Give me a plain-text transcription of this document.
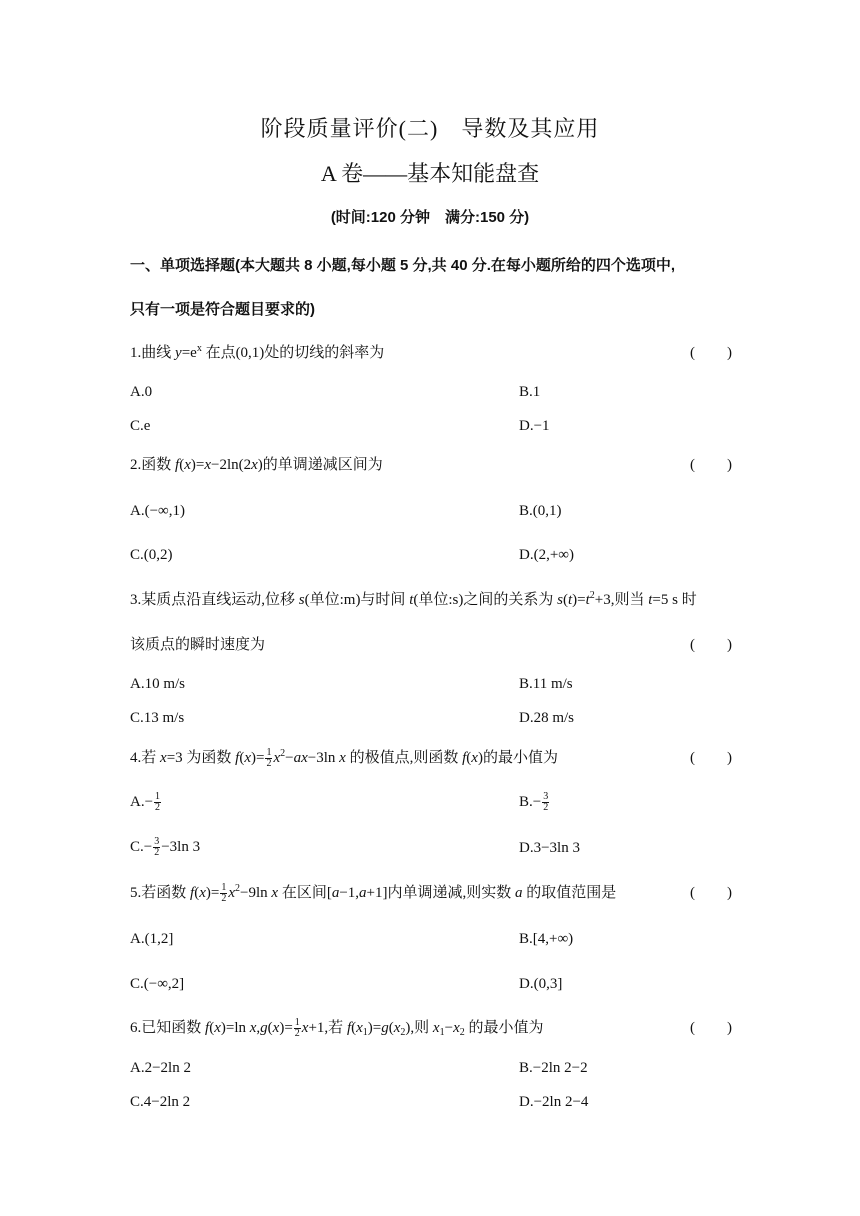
阶段质量评价(二)　导数及其应用
A 卷——基本知能盘查
(时间:120 分钟　满分:150 分)
一、单项选择题(本大题共 8 小题,每小题 5 分,共 40 分.在每小题所给的四个选项中,
只有一项是符合题目要求的)
1.曲线 $y=e^x$ 在点(0,1)处的切线的斜率为	( )
A.0	B.1
C.e	D.−1
2.函数 f(x)=x−2ln(2x)的单调递减区间为	( )
A.(−∞,1)	B.(0,1)
C.(0,2)	D.(2,+∞)
3.某质点沿直线运动,位移 s(单位:m)与时间 t(单位:s)之间的关系为 $s(t)=t^2+3$,则当 t=5 s 时
该质点的瞬时速度为	( )
A.10 m/s	B.11 m/s
C.13 m/s	D.28 m/s
4.若 x=3 为函数 $f(x)= \frac{1}{2} x^2-ax-3\ln$ x 的极值点,则函数 f(x)的最小值为	( )
$A.- \frac{1}{2}$	$B.- \frac{3}{2}$
$C.- \frac{3}{2} -3\ln$ 3	D.3−3ln 3
5.若函数 $f(x)= \frac{1}{2} x^2-9\ln$ x 在区间[a−1,a+1]内单调递减,则实数 a 的取值范围是	( )
A.(1,2]	B.[4,+∞)
C.(−∞,2]	D.(0,3]
6.已知函数 f(x)=ln $x,g(x)= \frac{1}{2} x+1$,若 $f(x_1)=g(x_2)$,则 $x_1-x_2$ 的最小值为	( )
A.2−2ln 2	B.−2ln 2−2
C.4−2ln 2	D.−2ln 2−4
